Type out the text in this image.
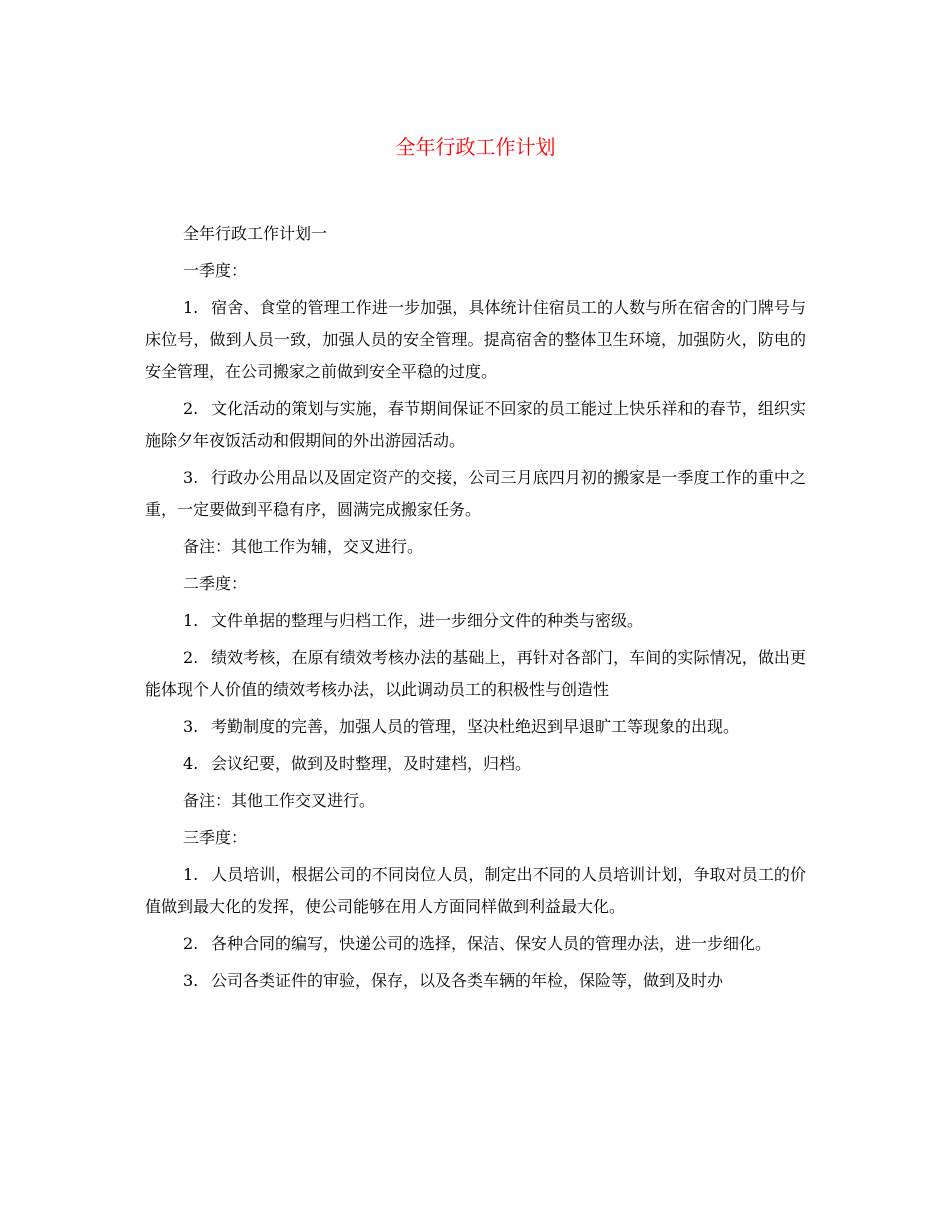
全年行政工作计划

全年行政工作计划一

一季度：

1. 宿舍、食堂的管理工作进一步加强，具体统计住宿员工的人数与所在宿舍的门牌号与床位号，做到人员一致，加强人员的安全管理。提高宿舍的整体卫生环境，加强防火，防电的安全管理，在公司搬家之前做到安全平稳的过度。

2. 文化活动的策划与实施，春节期间保证不回家的员工能过上快乐祥和的春节，组织实施除夕年夜饭活动和假期间的外出游园活动。

3. 行政办公用品以及固定资产的交接，公司三月底四月初的搬家是一季度工作的重中之重，一定要做到平稳有序，圆满完成搬家任务。

备注：其他工作为辅，交叉进行。

二季度：

1. 文件单据的整理与归档工作，进一步细分文件的种类与密级。

2. 绩效考核，在原有绩效考核办法的基础上，再针对各部门，车间的实际情况，做出更能体现个人价值的绩效考核办法，以此调动员工的积极性与创造性

3. 考勤制度的完善，加强人员的管理，坚决杜绝迟到早退旷工等现象的出现。

4. 会议纪要，做到及时整理，及时建档，归档。

备注：其他工作交叉进行。

三季度：

1. 人员培训，根据公司的不同岗位人员，制定出不同的人员培训计划，争取对员工的价值做到最大化的发挥，使公司能够在用人方面同样做到利益最大化。

2. 各种合同的编写，快递公司的选择，保洁、保安人员的管理办法，进一步细化。

3. 公司各类证件的审验，保存，以及各类车辆的年检，保险等，做到及时办
